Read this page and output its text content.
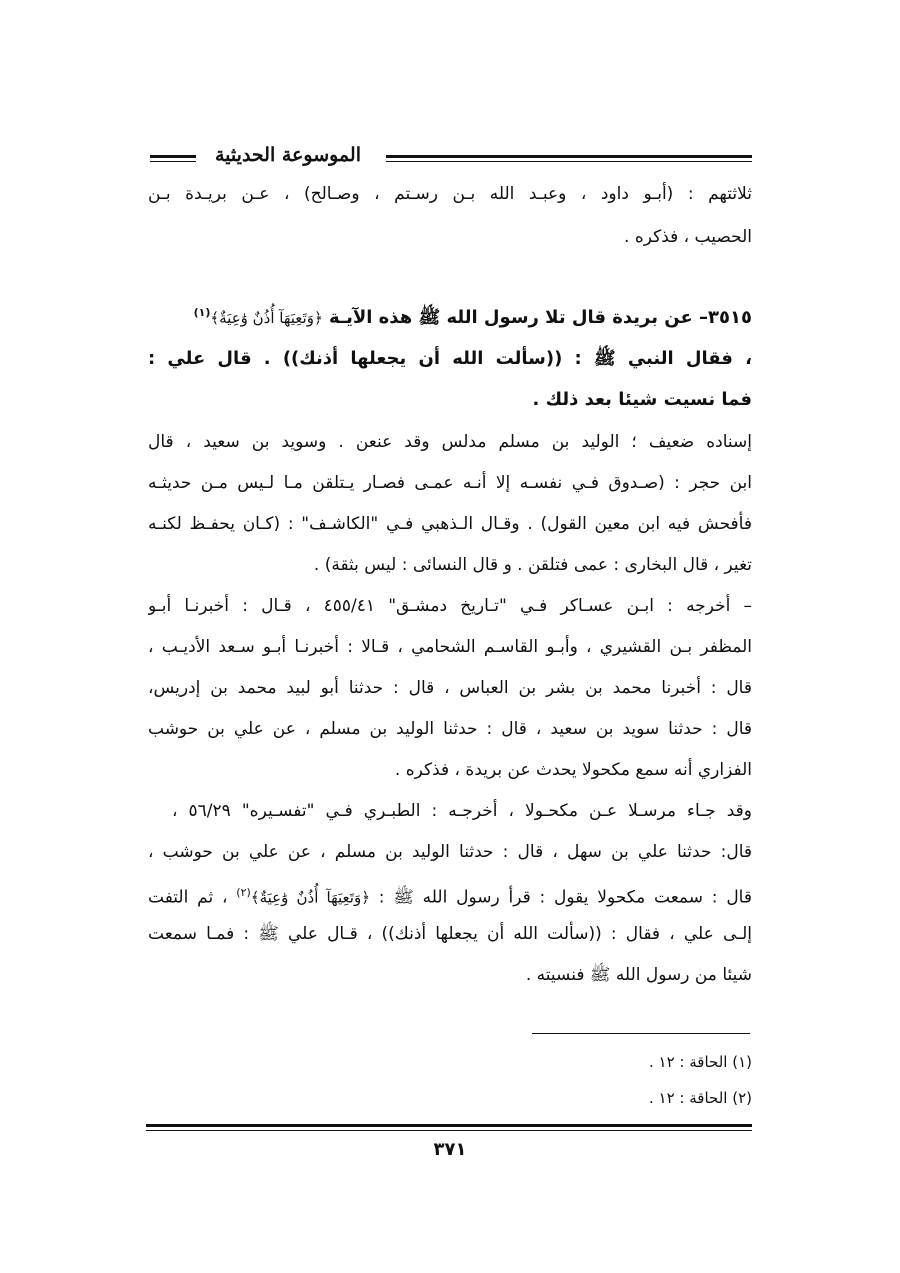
الموسوعة الحديثية
ثلاثتهم : (أبـو داود ، وعبـد الله بـن رسـتم ، وصـالح) ، عـن بريـدة بـن
الحصيب ، فذكره .
٣٥١٥– عن بريدة قال تلا رسول الله ﷺ هذه الآيـة ﴿وَتَعِيَهَآ أُذُنٌ وَٰعِيَةٌ﴾$^{(١)}$
، فقال النبي ﷺ : ((سألت الله أن يجعلها أذنك)) . قال علي :
فما نسيت شيئا بعد ذلك .
إسناده ضعيف ؛ الوليد بن مسلم مدلس وقد عنعن . وسويد بن سعيد ، قال
ابن حجر : (صـدوق فـي نفسـه إلا أنـه عمـى فصـار يـتلقن مـا لـيس مـن حديثـه
فأفحش فيه ابن معين القول) . وقـال الـذهبي فـي "الكاشـف" : (كـان يحفـظ لكنـه
تغير ، قال البخارى : عمى فتلقن . و قال النسائى : ليس بثقة) .
– أخرجه : ابـن عسـاكر فـي "تـاريخ دمشـق" ٤٥٥/٤١ ، قـال : أخبرنـا أبـو
المظفر بـن القشيري ، وأبـو القاسـم الشحامي ، قـالا : أخبرنـا أبـو سـعد الأديـب ،
قال : أخبرنا محمد بن بشر بن العباس ، قال : حدثنا أبو لبيد محمد بن إدريس،
قال : حدثنا سويد بن سعيد ، قال : حدثنا الوليد بن مسلم ، عن علي بن حوشب
الفزاري أنه سمع مكحولا يحدث عن بريدة ، فذكره .
وقد جـاء مرسـلا عـن مكحـولا ، أخرجـه : الطبـري فـي "تفسـيره" ٥٦/٢٩ ،
قال: حدثنا علي بن سهل ، قال : حدثنا الوليد بن مسلم ، عن علي بن حوشب ،
قال : سمعت مكحولا يقول : قرأ رسول الله ﷺ : ﴿وَتَعِيَهَآ أُذُنٌ وَٰعِيَةٌ﴾$^{(٢)}$ ، ثم التفت
إلـى علي ، فقال : ((سألت الله أن يجعلها أذنك)) ، قـال علي ﷺ : فمـا سمعت
شيئا من رسول الله ﷺ فنسيته .
(١) الحاقة : ١٢ .
(٢) الحاقة : ١٢ .
٣٧١
